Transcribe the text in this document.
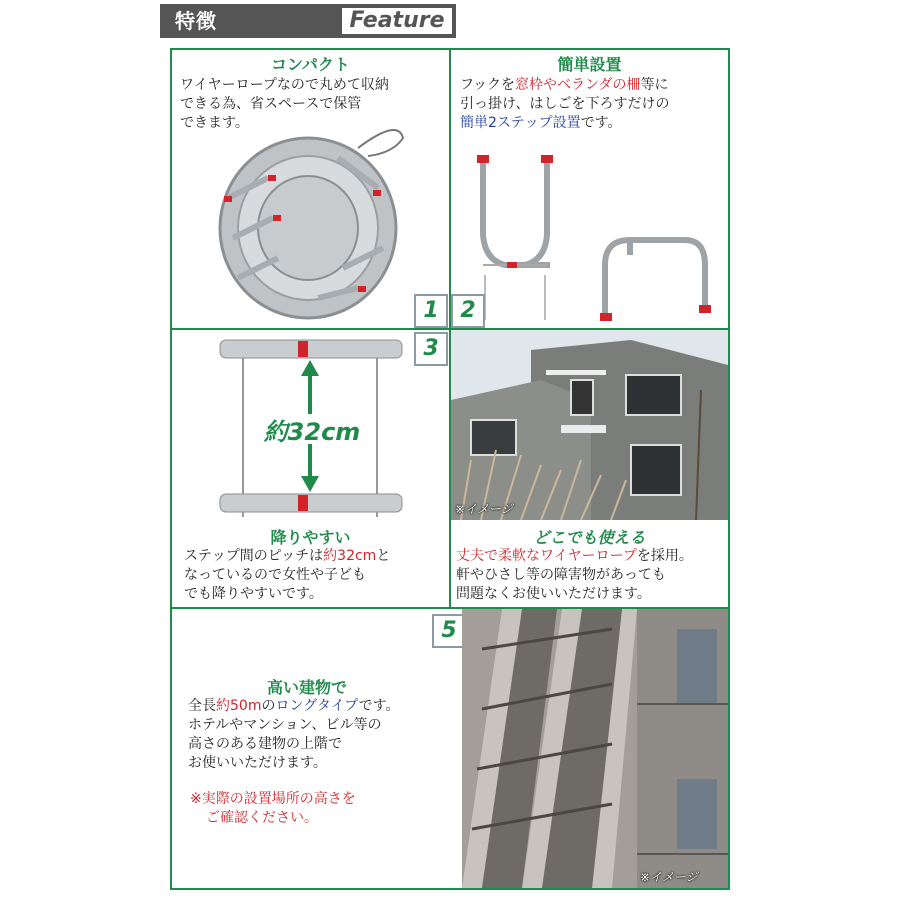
特徴	Feature
コンパクト
ワイヤーロープなので丸めて収納
できる為、省スペースで保管
できます。
簡単設置
フックを窓枠やベランダの柵等に
引っ掛け、はしごを下ろすだけの
簡単2ステップ設置です。
1 2
3
約32cm
降りやすい
ステップ間のピッチは約32cmと
なっているので女性や子ども
でも降りやすいです。
※イメージ
どこでも使える
丈夫で柔軟なワイヤーロープを採用。
軒やひさし等の障害物があっても
問題なくお使いいただけます。
5
高い建物で
全長約50mのロングタイプです。
ホテルやマンション、ビル等の
高さのある建物の上階で
お使いいただけます。
※実際の設置場所の高さを
ご確認ください。
※イメージ
